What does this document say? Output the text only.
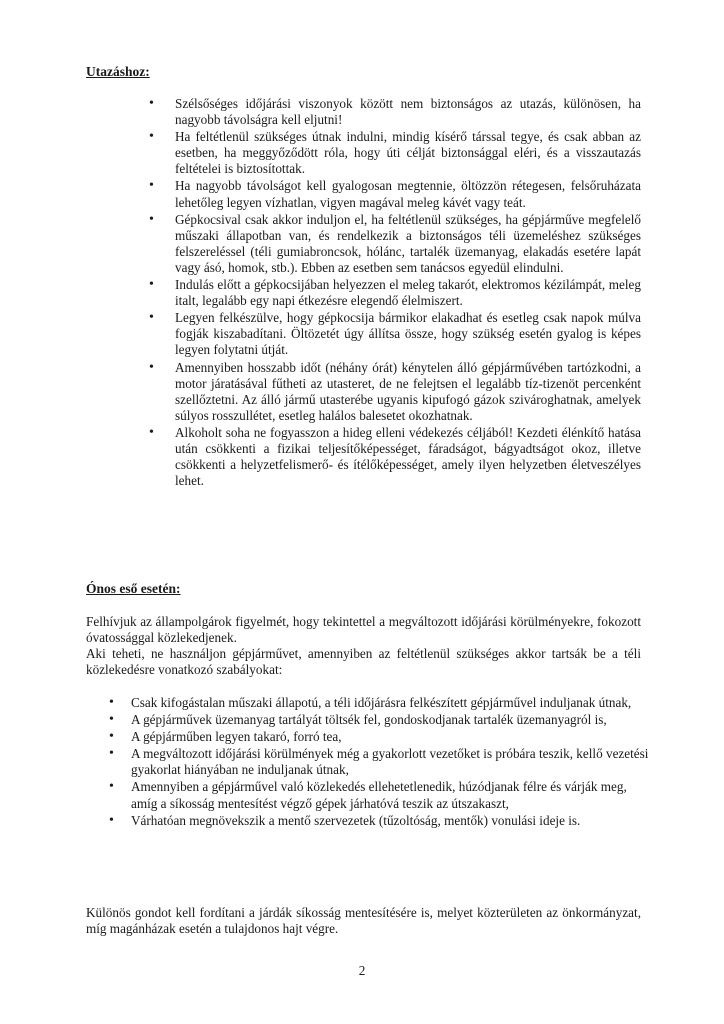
Utazáshoz:
• Szélsőséges időjárási viszonyok között nem biztonságos az utazás, különösen, ha nagyobb távolságra kell eljutni!
• Ha feltétlenül szükséges útnak indulni, mindig kísérő társsal tegye, és csak abban az esetben, ha meggyőződött róla, hogy úti célját biztonsággal eléri, és a visszautazás feltételei is biztosítottak.
• Ha nagyobb távolságot kell gyalogosan megtennie, öltözzön rétegesen, felsőruházata lehetőleg legyen vízhatlan, vigyen magával meleg kávét vagy teát.
• Gépkocsival csak akkor induljon el, ha feltétlenül szükséges, ha gépjárműve megfelelő műszaki állapotban van, és rendelkezik a biztonságos téli üzemeléshez szükséges felszereléssel (téli gumiabroncsok, hólánc, tartalék üzemanyag, elakadás esetére lapát vagy ásó, homok, stb.). Ebben az esetben sem tanácsos egyedül elindulni.
• Indulás előtt a gépkocsijában helyezzen el meleg takarót, elektromos kézilámpát, meleg italt, legalább egy napi étkezésre elegendő élelmiszert.
• Legyen felkészülve, hogy gépkocsija bármikor elakadhat és esetleg csak napok múlva fogják kiszabadítani. Öltözetét úgy állítsa össze, hogy szükség esetén gyalog is képes legyen folytatni útját.
• Amennyiben hosszabb időt (néhány órát) kénytelen álló gépjárművében tartózkodni, a motor járatásával fűtheti az utasteret, de ne felejtsen el legalább tíz-tizenöt percenként szellőztetni. Az álló jármű utasterébe ugyanis kipufogó gázok szivároghatnak, amelyek súlyos rosszullétet, esetleg halálos balesetet okozhatnak.
• Alkoholt soha ne fogyasszon a hideg elleni védekezés céljából! Kezdeti élénkítő hatása után csökkenti a fizikai teljesítőképességet, fáradságot, bágyadtságot okoz, illetve csökkenti a helyzetfelismerő- és ítélőképességet, amely ilyen helyzetben életveszélyes lehet.
Ónos eső esetén:

Felhívjuk az állampolgárok figyelmét, hogy tekintettel a megváltozott időjárási körülményekre, fokozott óvatossággal közlekedjenek.

Aki teheti, ne használjon gépjárművet, amennyiben az feltétlenül szükséges akkor tartsák be a téli közlekedésre vonatkozó szabályokat:

• Csak kifogástalan műszaki állapotú, a téli időjárásra felkészített gépjárművel induljanak útnak,
• A gépjárművek üzemanyag tartályát töltsék fel, gondoskodjanak tartalék üzemanyagról is,
• A gépjárműben legyen takaró, forró tea,
• A megváltozott időjárási körülmények még a gyakorlott vezetőket is próbára teszik, kellő vezetési gyakorlat hiányában ne induljanak útnak,
• Amennyiben a gépjárművel való közlekedés ellehetetlenedik, húzódjanak félre és várják meg, amíg a síkosság mentesítést végző gépek járhatóvá teszik az útszakaszt,
• Várhatóan megnövekszik a mentő szervezetek (tűzoltóság, mentők) vonulási ideje is.

Különös gondot kell fordítani a járdák síkosság mentesítésére is, melyet közterületen az önkormányzat, míg magánházak esetén a tulajdonos hajt végre.

2
